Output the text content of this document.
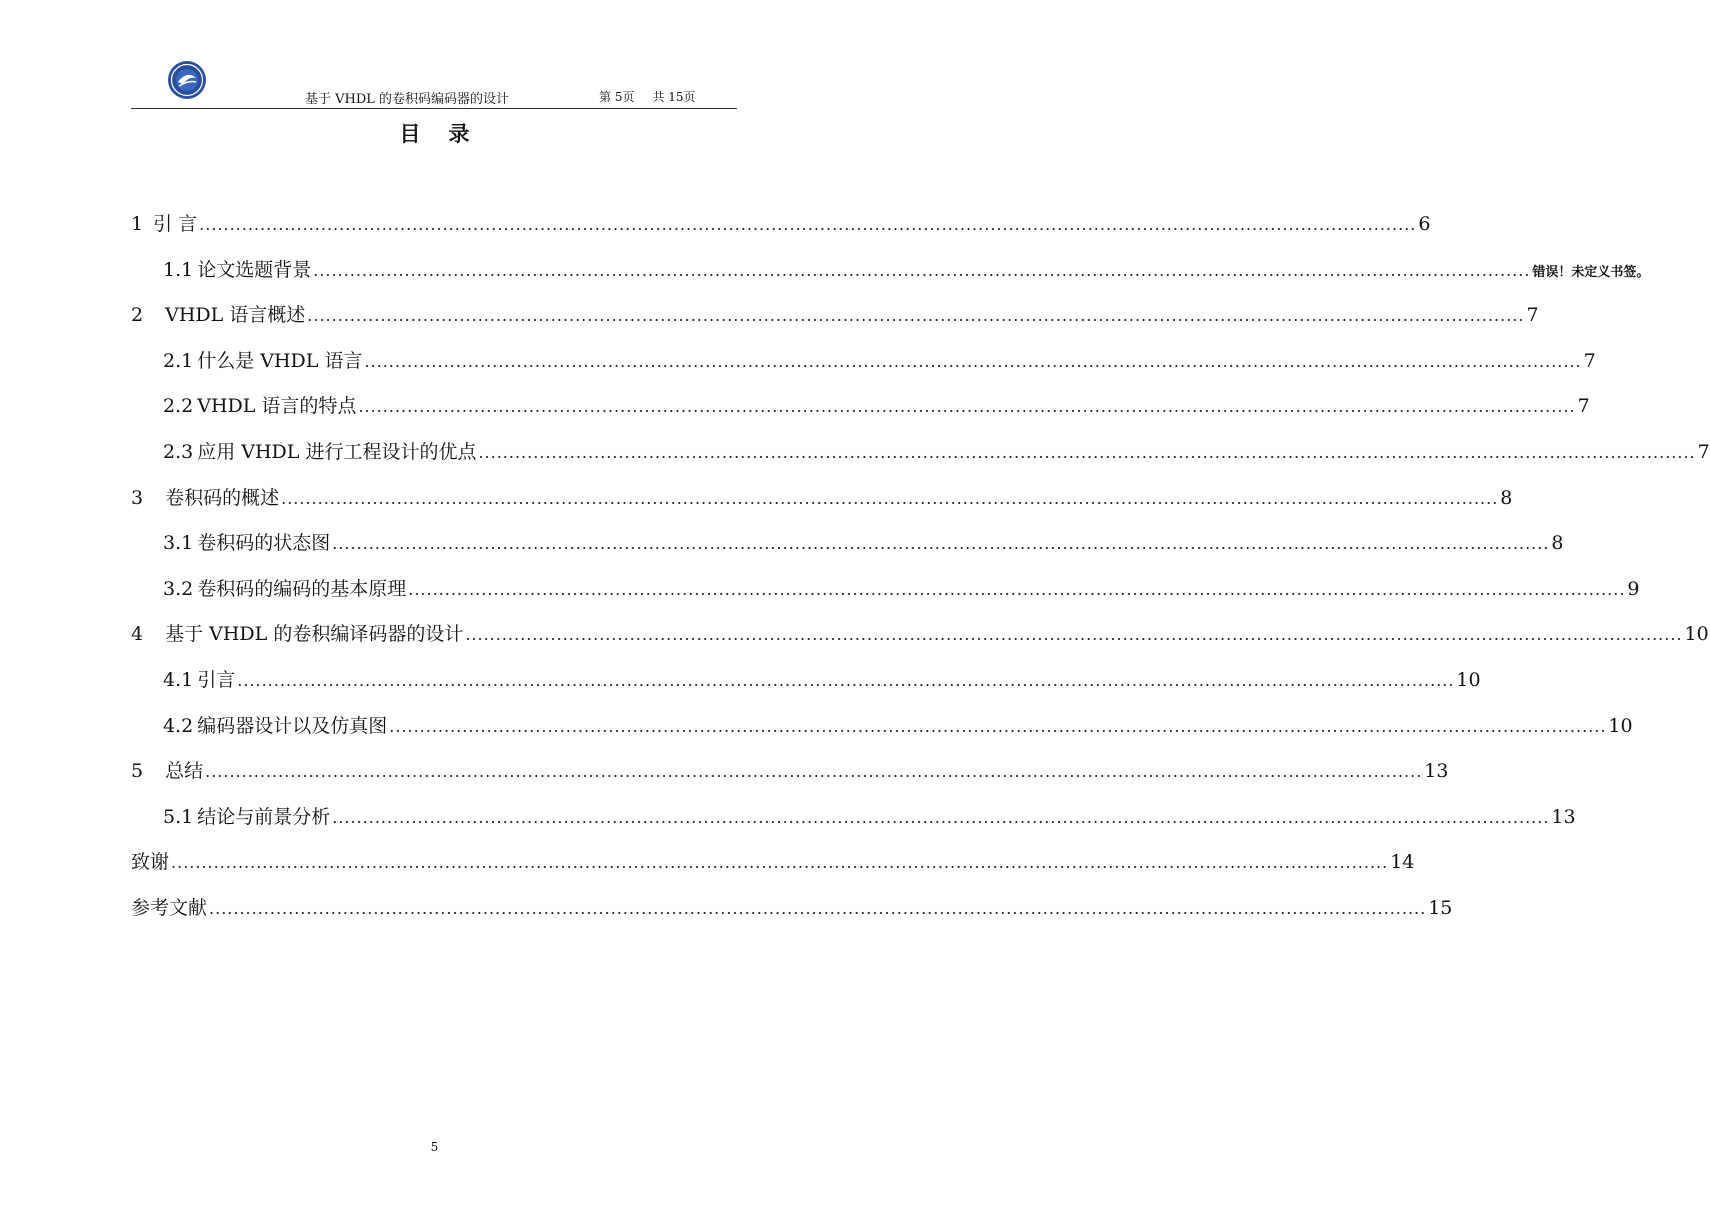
基于 VHDL 的卷积码编码器的设计	第 5页 共 15页
目 录
1 引 言 ........................................................................................................................................................................................................ 6
1.1 论文选题背景 ........................................................................................................................................................................................................ 错误！未定义书签。
2 VHDL 语言概述 ........................................................................................................................................................................................................ 7
2.1 什么是 VHDL 语言 ........................................................................................................................................................................................................ 7
2.2 VHDL 语言的特点 ........................................................................................................................................................................................................ 7
2.3 应用 VHDL 进行工程设计的优点 ........................................................................................................................................................................................................ 7
3 卷积码的概述 ........................................................................................................................................................................................................ 8
3.1 卷积码的状态图 ........................................................................................................................................................................................................ 8
3.2 卷积码的编码的基本原理 ........................................................................................................................................................................................................ 9
4 基于 VHDL 的卷积编译码器的设计 ........................................................................................................................................................................................................ 10
4.1 引言 ........................................................................................................................................................................................................ 10
4.2 编码器设计以及仿真图 ........................................................................................................................................................................................................ 10
5 总结 ........................................................................................................................................................................................................ 13
5.1 结论与前景分析 ........................................................................................................................................................................................................ 13
致谢 ........................................................................................................................................................................................................ 14
参考文献 ........................................................................................................................................................................................................ 15
5
